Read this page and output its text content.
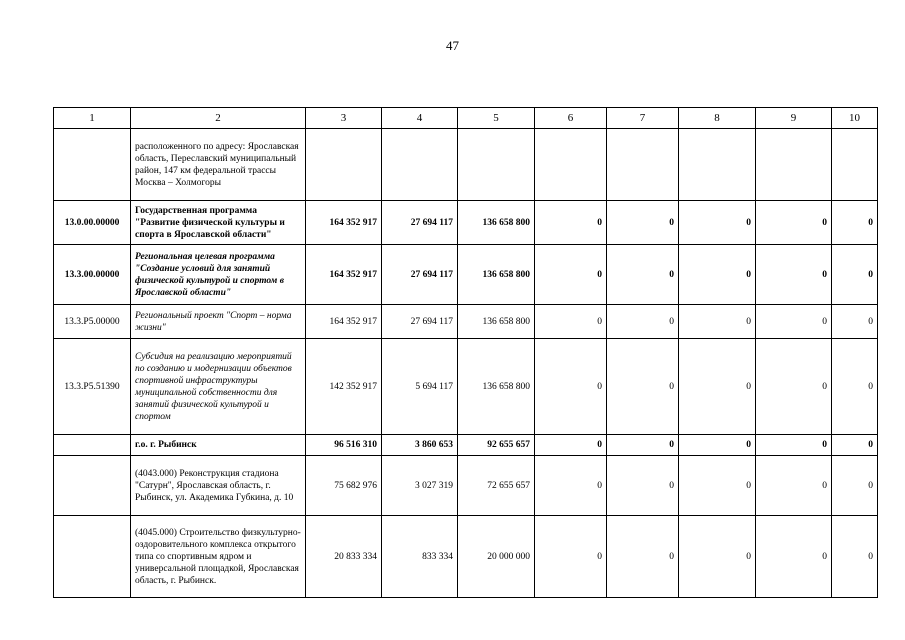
47
1	2	3	4	5	6	7	8	9	10
	расположенного по адресу: Ярославская область, Переславский муниципальный район, 147 км федеральной трассы Москва – Холмогоры								
13.0.00.00000	Государственная программа "Развитие физической культуры и спорта в Ярославской области"	164 352 917	27 694 117	136 658 800	0	0	0	0	0
13.3.00.00000	Региональная целевая программа "Создание условий для занятий физической культурой и спортом в Ярославской области"	164 352 917	27 694 117	136 658 800	0	0	0	0	0
13.3.P5.00000	Региональный проект "Спорт – норма жизни"	164 352 917	27 694 117	136 658 800	0	0	0	0	0
13.3.P5.51390	Субсидия на реализацию мероприятий по созданию и модернизации объектов спортивной инфраструктуры муниципальной собственности для занятий физической культурой и спортом	142 352 917	5 694 117	136 658 800	0	0	0	0	0
	г.о. г. Рыбинск	96 516 310	3 860 653	92 655 657	0	0	0	0	0
	(4043.000) Реконструкция стадиона "Сатурн", Ярославская область, г. Рыбинск, ул. Академика Губкина, д. 10	75 682 976	3 027 319	72 655 657	0	0	0	0	0
	(4045.000) Строительство физкультурно-оздоровительного комплекса открытого типа со спортивным ядром и универсальной площадкой, Ярославская область, г. Рыбинск.	20 833 334	833 334	20 000 000	0	0	0	0	0
